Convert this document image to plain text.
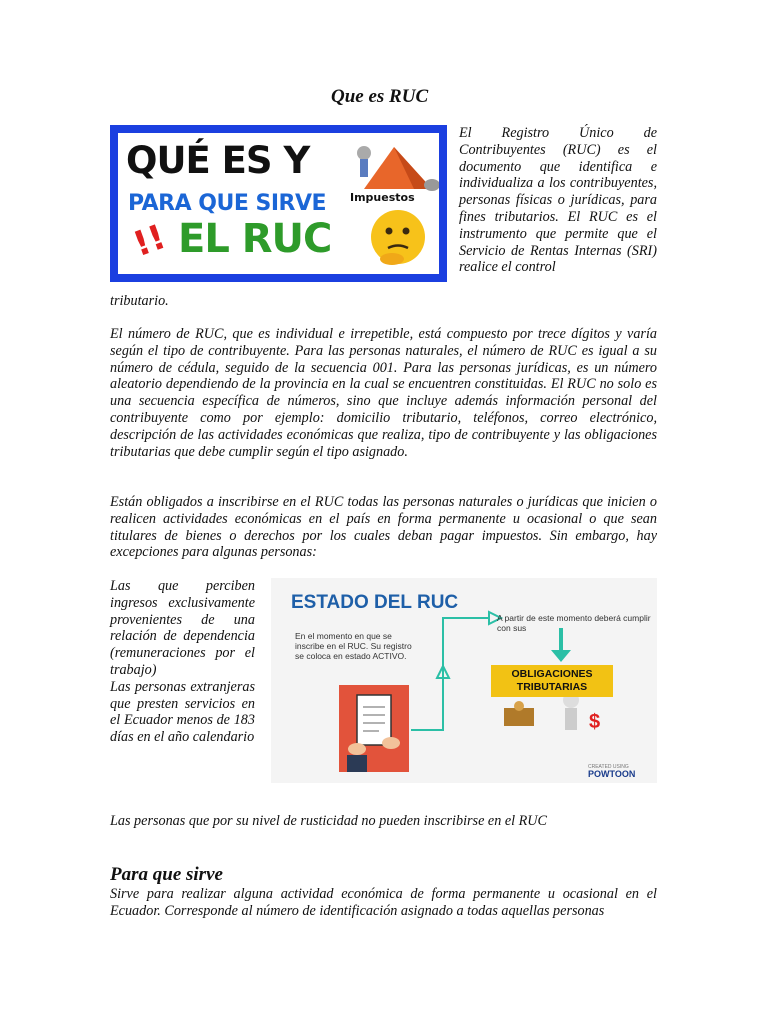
Que es RUC
QUÉ ES Y
PARA QUE SIRVE
!! EL RUC
Impuestos
El Registro Único de Contribuyentes (RUC) es el documento que identifica e individualiza a los contribuyentes, personas físicas o jurídicas, para fines tributarios. El RUC es el instrumento que permite que el Servicio de Rentas Internas (SRI) realice el control
tributario.
El número de RUC, que es individual e irrepetible, está compuesto por trece dígitos y varía según el tipo de contribuyente. Para las personas naturales, el número de RUC es igual a su número de cédula, seguido de la secuencia 001. Para las personas jurídicas, es un número aleatorio dependiendo de la provincia en la cual se encuentren constituidas. El RUC no solo es una secuencia específica de números, sino que incluye además información personal del contribuyente como por ejemplo: domicilio tributario, teléfonos, correo electrónico, descripción de las actividades económicas que realiza, tipo de contribuyente y las obligaciones tributarias que debe cumplir según el tipo asignado.
Están obligados a inscribirse en el RUC todas las personas naturales o jurídicas que inicien o realicen actividades económicas en el país en forma permanente u ocasional o que sean titulares de bienes o derechos por los cuales deban pagar impuestos. Sin embargo, hay excepciones para algunas personas:
Las que perciben ingresos exclusivamente provenientes de una relación de dependencia (remuneraciones por el trabajo)
Las personas extranjeras que presten servicios en el Ecuador menos de 183 días en el año calendario
ESTADO DEL RUC
En el momento en que se inscribe en el RUC. Su registro se coloca en estado ACTIVO.
$
A partir de este momento deberá cumplir con sus
OBLIGACIONES TRIBUTARIAS
CREATED USING
POWTOON
Las personas que por su nivel de rusticidad no pueden inscribirse en el RUC
Para que sirve
Sirve para realizar alguna actividad económica de forma permanente u ocasional en el Ecuador. Corresponde al número de identificación asignado a todas aquellas personas
